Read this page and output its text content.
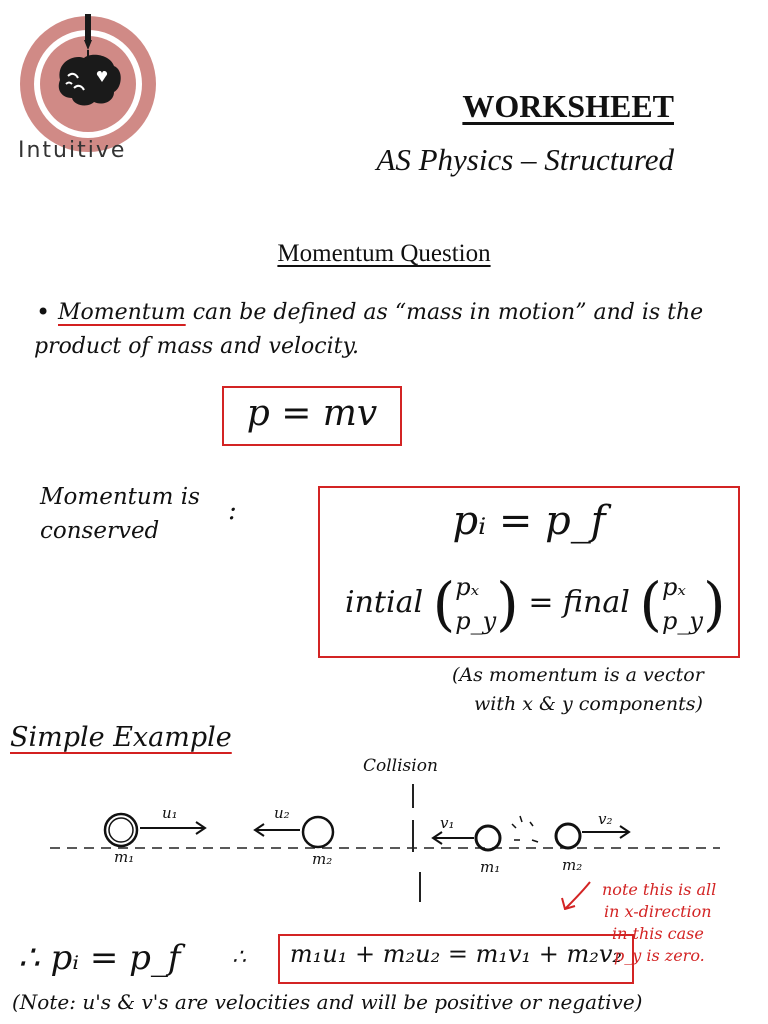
Intuitive
WORKSHEET
AS Physics – Structured
Momentum Question
• Momentum can be defined as “mass in motion” and is the
product of mass and velocity.
p = mv
Momentum is
conserved
:	pᵢ = p_f
intial (pₓ
p_y) = final (pₓ
p_y)
(As momentum is a vector
with x & y components)
Simple Example
Collision
u₁
m₁
u₂
m₂
v₁
m₁
v₂
m₂
∴ pᵢ = p_f ∴	m₁u₁ + m₂u₂ = m₁v₁ + m₂v₂
note this is all
in x-direction
in this case
p_y is zero.
(Note: u's & v's are velocities and will be positive or negative)
